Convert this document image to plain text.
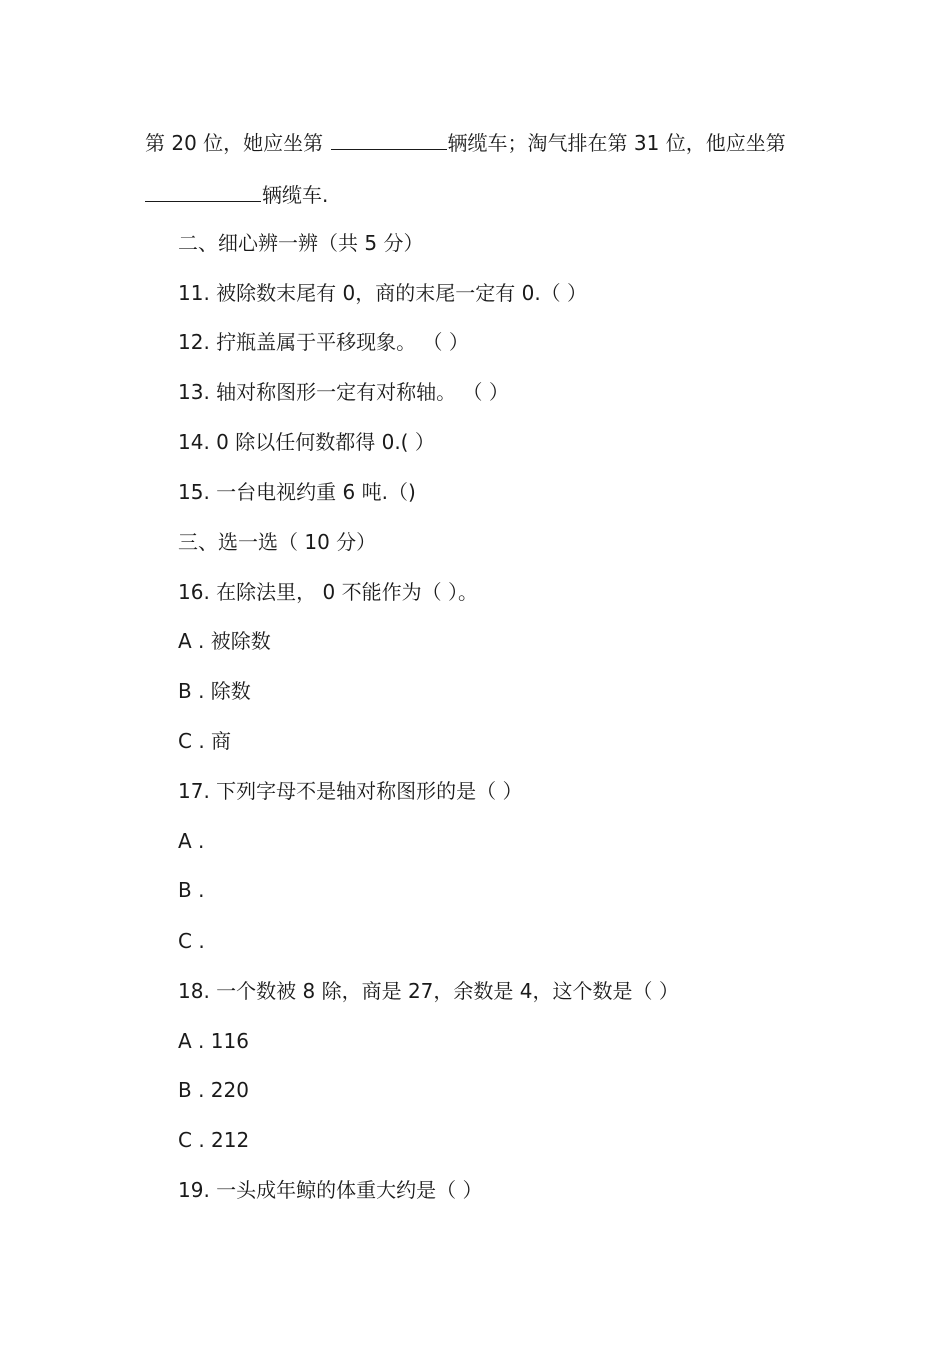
第 20 位，她应坐第	辆缆车；淘气排在第 31 位，他应坐第
辆缆车.
二、细心辨一辨（共 5 分）
11. 被除数末尾有 0，商的末尾一定有 0.（ ）
12. 拧瓶盖属于平移现象。 （ ）
13. 轴对称图形一定有对称轴。 （ ）
14. 0 除以任何数都得 0.( ）
15. 一台电视约重 6 吨.（)
三、选一选（ 10 分）
16. 在除法里， 0 不能作为（ ）。
A . 被除数
B . 除数
C . 商
17. 下列字母不是轴对称图形的是（ ）
A .
B .
C .
18. 一个数被 8 除，商是 27，余数是 4，这个数是（ ）
A . 116
B . 220
C . 212
19. 一头成年鲸的体重大约是（ ）
